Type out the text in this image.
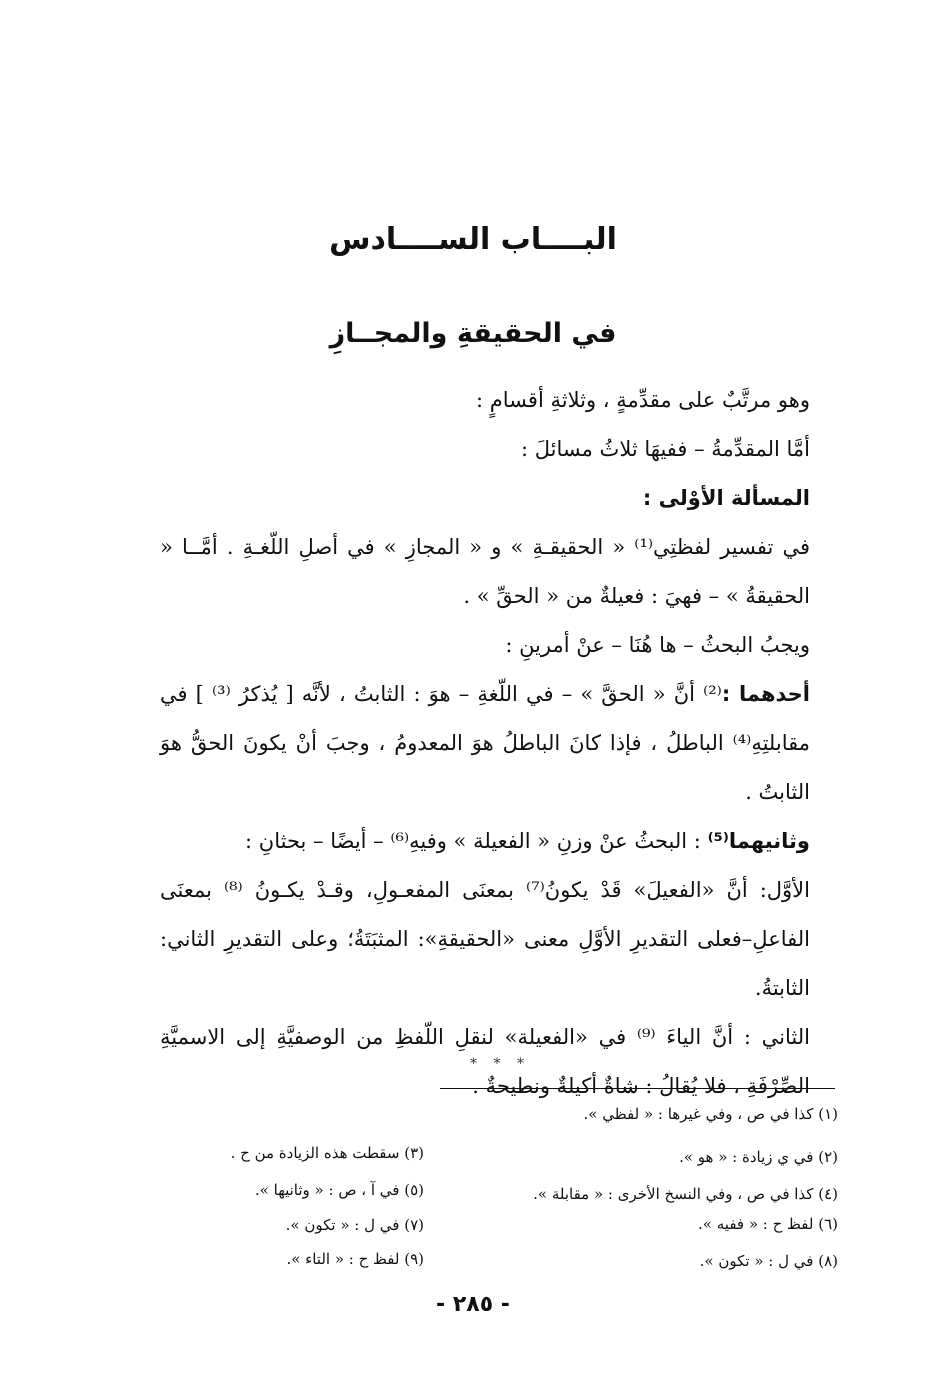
البــــاب الســــادس
في الحقيقةِ والمجــازِ

وهو مرتَّبٌ على مقدِّمةٍ ، وثلاثةِ أقسامٍ :

أمَّا المقدِّمةُ – ففيهَا ثلاثُ مسائلَ :

المسألة الأوْلى :

في تفسير لفظتِي⁽¹⁾ « الحقيقـةِ » و « المجازِ » في أصلِ اللّغـةِ . أمَّــا « الحقيقةُ » – فهيَ : فعيلةٌ من « الحقِّ » .

ويجبُ البحثُ – ها هُنَا – عنْ أمرينِ :

أحدهما :⁽²⁾ أنَّ « الحقَّ » – في اللّغةِ – هوَ : الثابتُ ، لأنَّه [ يُذكرُ ⁽³⁾ ] في مقابلتِهِ⁽⁴⁾ الباطلُ ، فإذا كانَ الباطلُ هوَ المعدومُ ، وجبَ أنْ يكونَ الحقُّ هوَ الثابتُ .

وثانيهما⁽⁵⁾ : البحثُ عنْ وزنِ « الفعيلة » وفيهِ⁽⁶⁾ – أيضًا – بحثانِ :

الأوَّل: أنَّ «الفعيلَ» قَدْ يكونُ⁽⁷⁾ بمعنَى المفعـولِ، وقـدْ يكـونُ ⁽⁸⁾ بمعنَى الفاعلِ–فعلى التقديرِ الأوَّلِ معنى «الحقيقةِ»: المثبَتَةُ؛ وعلى التقديرِ الثاني: الثابتةُ.

الثاني : أنَّ الياءَ ⁽⁹⁾ في «الفعيلة» لنقلِ اللّفظِ من الوصفيَّةِ إلى الاسميَّةِ الصِّرْفَةِ ، فلا يُقالُ : شاةٌ أكيلةٌ ونطيحةٌ .

* * *
(١) كذا في ص ، وفي غيرها : « لفظي ».
(٢) في ي زيادة : « هو ».
(٣) سقطت هذه الزيادة من ح .
(٤) كذا في ص ، وفي النسخ الأخرى : « مقابلة ».
(٥) في آ ، ص : « وثانيها ».
(٦) لفظ ح : « ففيه ».
(٧) في ل : « تكون ».
(٨) في ل : « تكون ».
(٩) لفظ ح : « التاء ».
- ٢٨٥ -
